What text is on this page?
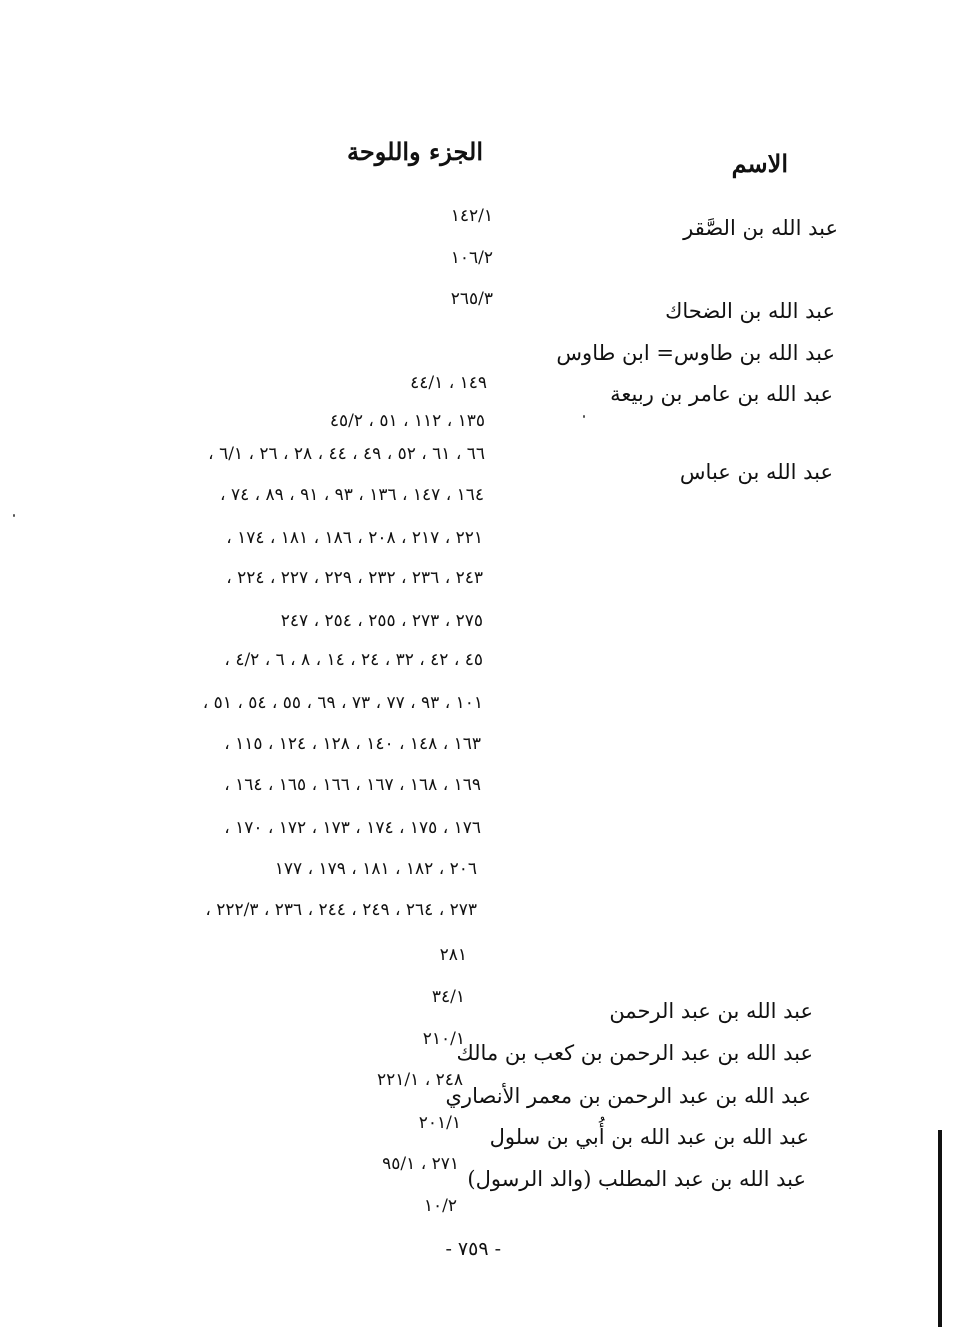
الاسم
الجزء واللوحة
عبد الله بن الصَّقر
عبد الله بن الضحاك
عبد الله بن طاوس= ابن طاوس
عبد الله بن عامر بن ربيعة
عبد الله بن عباس
عبد الله بن عبد الرحمن
عبد الله بن عبد الرحمن بن كعب بن مالك
عبد الله بن عبد الرحمن بن معمر الأنصاري
عبد الله بن عبد الله بن أُبي بن سلول
عبد الله بن عبد المطلب (والد الرسول)
١٤٢/١
١٠٦/٢
٢٦٥/٣
١٤٩ ، ٤٤/١
١٣٥ ، ١١٢ ، ٥١ ، ٤٥/٢
٦٦ ، ٦١ ، ٥٢ ، ٤٩ ، ٤٤ ، ٢٨ ، ٢٦ ، ٦/١ ،
١٦٤ ، ١٤٧ ، ١٣٦ ، ٩٣ ، ٩١ ، ٨٩ ، ٧٤ ،
٢٢١ ، ٢١٧ ، ٢٠٨ ، ١٨٦ ، ١٨١ ، ١٧٤ ،
٢٤٣ ، ٢٣٦ ، ٢٣٢ ، ٢٢٩ ، ٢٢٧ ، ٢٢٤ ،
٢٧٥ ، ٢٧٣ ، ٢٥٥ ، ٢٥٤ ، ٢٤٧
٤٥ ، ٤٢ ، ٣٢ ، ٢٤ ، ١٤ ، ٨ ، ٦ ، ٤/٢ ،
١٠١ ، ٩٣ ، ٧٧ ، ٧٣ ، ٦٩ ، ٥٥ ، ٥٤ ، ٥١ ،
١٦٣ ، ١٤٨ ، ١٤٠ ، ١٢٨ ، ١٢٤ ، ١١٥ ،
١٦٩ ، ١٦٨ ، ١٦٧ ، ١٦٦ ، ١٦٥ ، ١٦٤ ،
١٧٦ ، ١٧٥ ، ١٧٤ ، ١٧٣ ، ١٧٢ ، ١٧٠ ،
٢٠٦ ، ١٨٢ ، ١٨١ ، ١٧٩ ، ١٧٧
٢٧٣ ، ٢٦٤ ، ٢٤٩ ، ٢٤٤ ، ٢٣٦ ، ٢٢٢/٣ ،
٢٨١
٣٤/١
٢١٠/١
٢٤٨ ، ٢٢١/١
٢٠١/١
٢٧١ ، ٩٥/١
١٠/٢
- ٧٥٩ -
